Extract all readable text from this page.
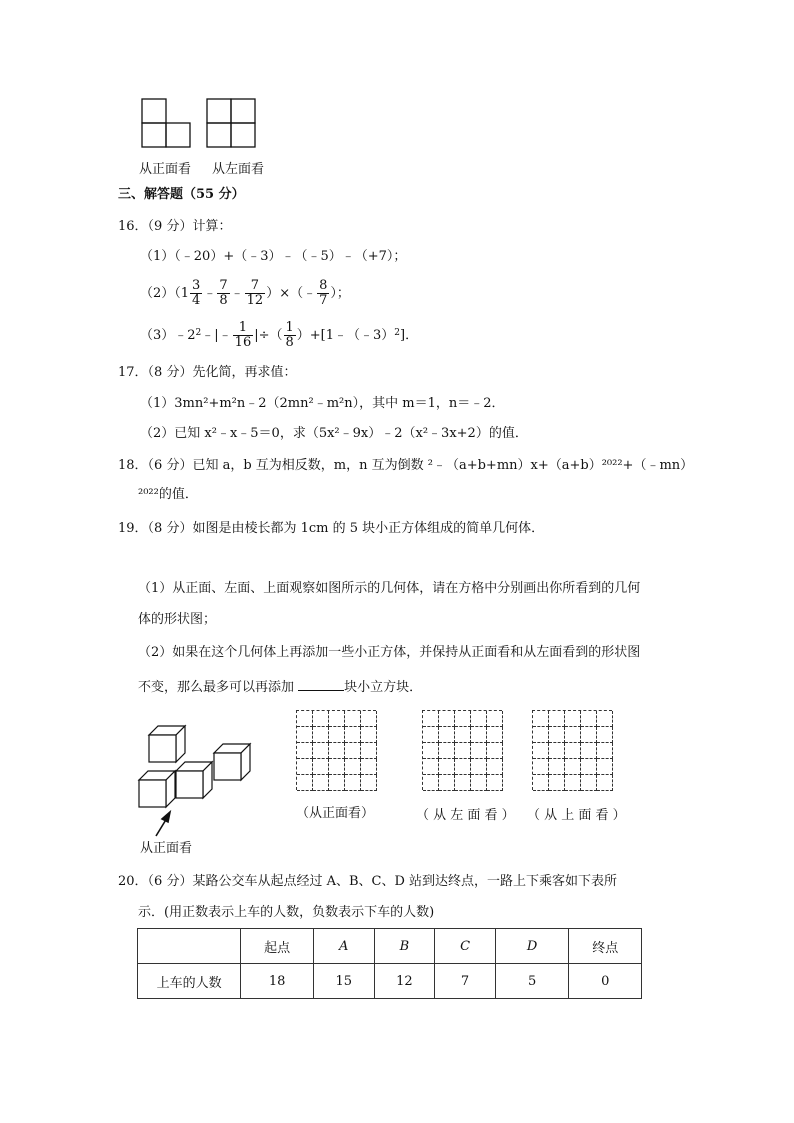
从正面看 从左面看
三、解答题（55 分）
16．（9 分）计算：
（1）（﹣20）+（﹣3）﹣（﹣5）﹣（+7）；
$(2)(1 \frac{3}{4}$ ﹣ $\frac{7}{8}$ ﹣ $\frac{7}{12}$ ）×（﹣ $\frac{8}{7}$ ）；
$(3)﹣2^2﹣|﹣ \frac{1}{16}$ |÷（ $\frac{1}{8}$ ）+[1﹣（﹣3）$^2$]．
17．（8 分）先化简，再求值：
（1）3mn²+m²n﹣2（2mn²﹣m²n），其中 m＝1，n＝﹣2．
（2）已知 x²﹣x﹣5＝0，求（5x²﹣9x）﹣2（x²﹣3x+2）的值．
18．（6 分）已知 a，b 互为相反数，m，n 互为倒数 ²﹣（a+b+mn）x+（a+b）²⁰²²+（﹣mn）
²⁰²²的值．
19．（8 分）如图是由棱长都为 1cm 的 5 块小正方体组成的简单几何体．
（1）从正面、左面、上面观察如图所示的几何体，请在方格中分别画出你所看到的几何
体的形状图；
（2）如果在这个几何体上再添加一些小正方体，并保持从正面看和从左面看到的形状图
不变，那么最多可以再添加	块小立方块．
从正面看
（从正面看）	（ 从 左 面 看 ） （ 从 上 面 看 ）
20．（6 分）某路公交车从起点经过 A、B、C、D 站到达终点，一路上下乘客如下表所
示．(用正数表示上车的人数，负数表示下车的人数)
	起点	A	B	C	D	终点
上车的人数	18	15	12	7	5	0
